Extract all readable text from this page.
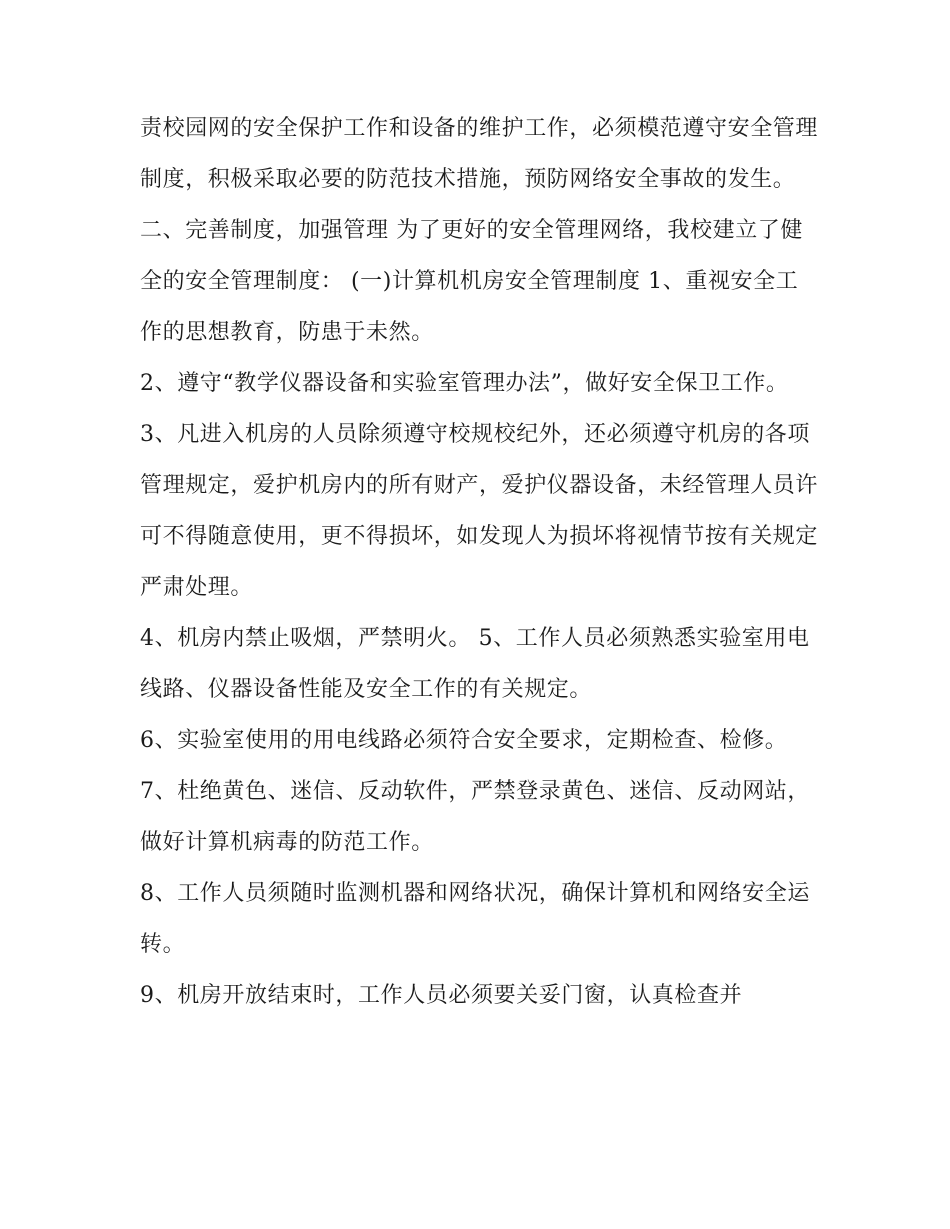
责校园网的安全保护工作和设备的维护工作，必须模范遵守安全管理制度，积极采取必要的防范技术措施，预防网络安全事故的发生。

二、完善制度，加强管理 为了更好的安全管理网络，我校建立了健全的安全管理制度： (一)计算机机房安全管理制度 1、重视安全工作的思想教育，防患于未然。

2、遵守“教学仪器设备和实验室管理办法”，做好安全保卫工作。

3、凡进入机房的人员除须遵守校规校纪外，还必须遵守机房的各项管理规定，爱护机房内的所有财产，爱护仪器设备，未经管理人员许可不得随意使用，更不得损坏，如发现人为损坏将视情节按有关规定严肃处理。

4、机房内禁止吸烟，严禁明火。 5、工作人员必须熟悉实验室用电线路、仪器设备性能及安全工作的有关规定。

6、实验室使用的用电线路必须符合安全要求，定期检查、检修。 7、杜绝黄色、迷信、反动软件，严禁登录黄色、迷信、反动网站，做好计算机病毒的防范工作。

8、工作人员须随时监测机器和网络状况，确保计算机和网络安全运转。

9、机房开放结束时，工作人员必须要关妥门窗，认真检查并
